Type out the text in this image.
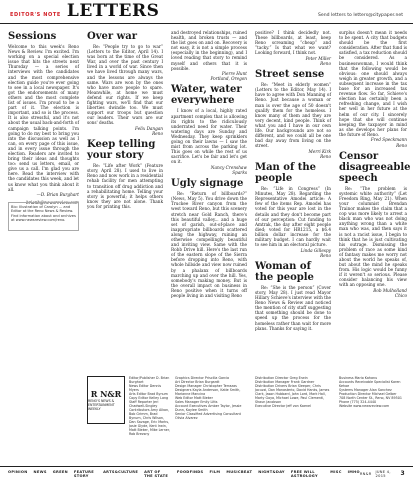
EDITOR'S NOTE LETTERS	Send letters to letters@citypaper.net
Sessions

Welcome to this week's Reno News & Review. I'm excited. I'm working on a special election issue that hits the streets next Thursday — a series of interviews with the candidates and the most comprehensive election guide you're ever going to see in a local newspaper. It's got the endorsements of many others and the most complete list of issues. I'm proud to be a part of it. The election is important, and so is the process. It is also stressful, and it's not about the usual back-and-forth of campaign talking points. I'm going to do my best to bring you into the discussion as well as I can, on every page of this issue, and in every issue through the election. Readers are invited to bring their ideas and thoughts too: send us letters, email, or give us a call. I'm glad you are here. Read the interview with the candidates this week, and let us know what you think about it all.

—D. Brian Burghart

brianb@newsreview.com

Bio: Illustration of Carolyn ... and Editor at the Reno News & Review. Find information about and archives at www.newsreview.com/reno.
Over war

Re: “People try to go to war” (Letters to the Editor, April 14). I was born at the time of the Great War, and over the past century I lived in a world of war. Since then we have lived through many wars, and the lessons are always the same. Wars are won by the ones who have more people to spare. Meanwhile, at home we must defend our rights. If we keep fighting wars, we'll find that our liberties dwindle too. We must support our troops but question our leaders. Their wars are our sons' deaths.

Felix Dangan
Reno

Keep telling your story

Re: “Life after Work” (Feature story, April 28). I used to live in Reno and now work in a residential rehab facility for men attempting to transition off drug addiction and a rehabilitating home. Telling your story is powerful; it helps others know they are not alone. Thank you for printing this.

and destroyed relationships, ruined health, and broken trusts — and the list goes on and on. Recovery is not easy, it is not a simple process (especially in the beginning), and I loved reading that story to remind myself and others that it is possible.

Pierre Hunt
Portland, Oregon

Water, water everywhere

I know of a local, highly rated apartment complex that is allowing its rights to the ridiculously underrated need for water. Their watering days are Sunday and Wednesday. They keep sprinklers going on their lawns — I saw the mist from across the parking lot. This goes on while the rest of us sacrifice. Let's be fair and let's get on it.

Nancy Crenshaw
Sparks

Ugly signage

Re: “Return of billboards?” (News, May 5). You drive down the Truckee River canyon from the west toward Reno, but this scenery stretch near Gold Ranch, there's this beautiful valley... and a huge set of garish, out-of-place and inappropriate billboards scattered along the highway, ruining an otherwise compellingly beautiful and inviting view. Same with the Robb Drive hill. Here's the last run of the eastern slope of the Sierra before dropping into Reno, with whole hillside and view now ruined by a phalanx of billboards marching up and over the hill. Yes, somebody's making money. But is the overall impact on business in Reno positive when it turns off people living in and visiting Reno

positive? I think decidedly not. These billboards, at least, keep Reno screaming “cheap” and “tacky.” Is that what we want? Looking forward, I think not.

Peter Miller
Reno

Street sense

Re: “Meet in elderly women” (Letters to the Editor, May 14). I have to agree with Don Manning of Reno. Just because a woman or man is over the age of 50 doesn't qualify them for the homeless. I know many of them and they are very decent, kind people. Think of what you and I have in our own life. Our backgrounds are not so different, and we could all be one bad day away from living on the street.

Merri Kirk
Reno

Man of the people

Re: “Life in Congress” (In Minutes, May 28). Regarding the Representative Amodei article: A few of the items Rep. Amodei has voted for this year are lost in the details and they don't become part of our perception: Cut funding to Amtrak, the day after eight people died; voted for HR1215, a $6.4 billion dollar increase for the military budget. I can hardly wait to see him in an electoral picture.

Linda Gillespy
Reno

Woman of the people

Re: “She is the person” (Cover story, May 28). I just read Mayor Hillary Schieve's interview with the Reno News & Review and noticed the mention of city staff suggesting that something should be done to speed up the process for the homeless rather than wait for more plans. Thanks for saying it.

surplus doesn't mean it needs to be spent. A city that budgets should be the first consideration. After that fund is satisfied, a tax reduction should be considered. As a businesswoman, I would think that the following would be obvious: one should always weigh in greater growth, and a subsequent increase in the tax base for an increased tax revenue flow. So far, Schieve's election has certainly been a refreshing change, and I wish her well in her future at the helm of our city. I sincerely hope that she will continue keeping the taxpayer in mind as she develops her plans for the future of Reno.

Fred Speckmann
Reno

Censor disagreeable speech

Re: “The problem is systemic white authority” (Let Freedom Ring, May 21). When your columnist Brendan Trainor makes the claim that a cop was more likely to arrest a black man who was not doing anything wrong than a white man who was, and then says it is not a racist issue, I begin to think that he is just cultivating his outrage. Dismissing the problem of race as some kind of fantasy makes me worry not about the world he speaks of, but about the mind he speaks from. His logic would be funny if it weren't so serious. Please consider balancing his view with an opposing one.

Bob Mulholland
Chico

R N&R
RENO'S NEWS & ENTERTAINMENT WEEKLY
Editor/Publisher D. Brian Burghart
News Editor Dennis Myers
Arts Editor Brad Bynum
Copy Editor Kelley Lang
Staff Reporter Jeri Chadwell-Singley
Contributors Amy Alkon, Bob Grimm, Brad Bynum, Chris Wilson, Dan Savage, Eric Marks, Josie Glyde, Kent Irwin, Matt Bieker, Mike Lerner, Rob Brezsny
Graphics Director Priscilla Garcia
Art Director Brian Burgardt
Design Manager Christopher Terrazas
Designers Kayla Anderson, Katie Smith, Marianne Mancina
Web Editor Matt Bieker
Sales Manager Emily Litts
Account Executives Amber Taylor, Jessie Dunn, Kaylee Smith
Senior Classified Advertising Consultant Olivia Alvarez
Distribution Director Greg Erwin
Distribution Manager Frank Gardner
Distribution Drivers Brian Sleeper, Chris Jacuzzi, Dan Monasterio, David Hanks, James Clark, Jason Hubbard, John Lord, Mark Hall, Marty Goya, Michael Lowe, Paul Clementi, Shaun Jacobson
Executive Director Jeff von Kaenel
Business Mario Kahanu
Accounts Receivable Specialist Karen Kehoe
Systems Manager Alan Sanchez
Production Director Michael Gelber
708 North Center St., Reno, NV 89501
Phone (775) 324-4440
Website www.newsreview.com
OPINION NEWS GREEN FEATURE STORY
ARTS&CULTURE ART OF THE STATE
FOODFINDS FILM MUSICBEAT NIGHT&DAY FREE WILL ASTROLOGY
MISC IMHO RN&R JUNE 4, 2015	3
